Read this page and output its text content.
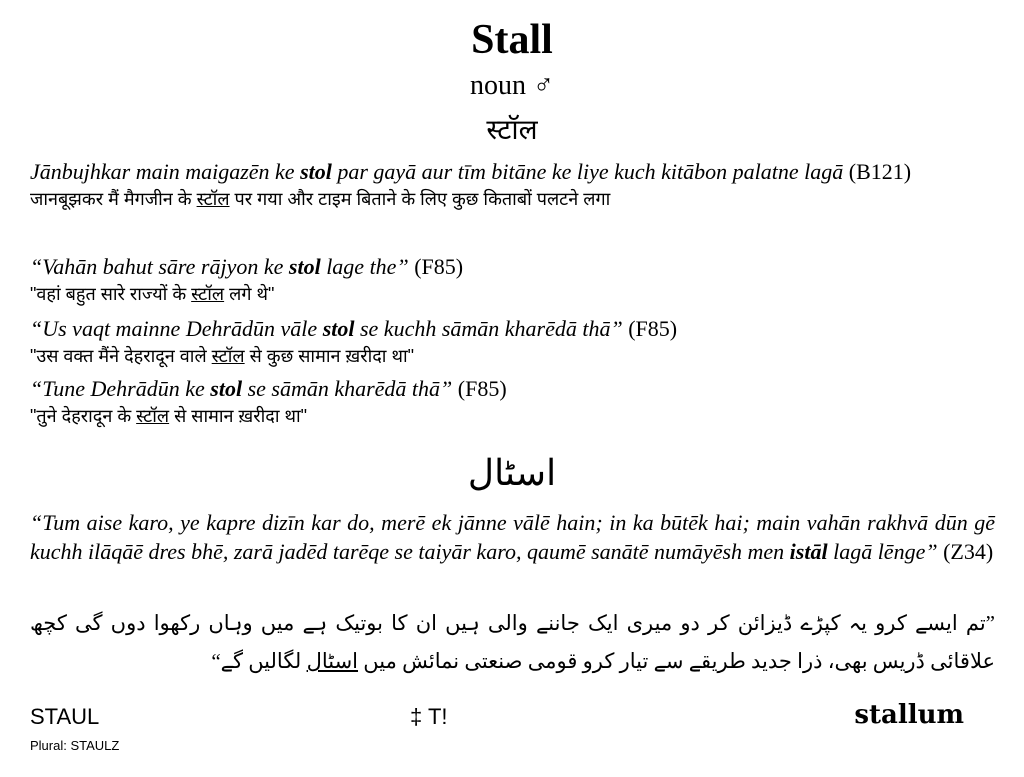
Stall
noun ♂
स्टॉल
Jānbujhkar main maigazēn ke stol par gayā aur tīm bitāne ke liye kuch kitābon palatne lagā (B121)
जानबूझकर मैं मैगजीन के स्टॉल पर गया और टाइम बिताने के लिए कुछ किताबों पलटने लगा
“Vahān bahut sāre rājyon ke stol lage the” (F85)
"वहां बहुत सारे राज्यों के स्टॉल लगे थे"
“Us vaqt mainne Dehrādūn vāle stol se kuchh sāmān kharēdā thā” (F85)
"उस वक्त मैंने देहरादून वाले स्टॉल से कुछ सामान ख़रीदा था"
“Tune Dehrādūn ke stol se sāmān kharēdā thā” (F85)
"तुने देहरादून के स्टॉल से सामान ख़रीदा था"
اسٹال
“Tum aise karo, ye kapre dizīn kar do, merē ek jānne vālē hain; in ka būtēk hai; main vahān rakhvā dūn gē kuchh ilāqāē dres bhē, zarā jadēd tarēqe se taiyār karo, qaumē sanātē numāyēsh men istāl lagā lēnge” (Z34)
”تم ایسے کرو یہ کپڑے ڈیزائن کر دو میری ایک جاننے والی ہیں ان کا بوتیک ہے میں وہاں رکھوا دوں گی کچھ علاقائی ڈریس بھی، ذرا جدید طریقے سے تیار کرو قومی صنعتی نمائش میں اسٹال لگالیں گے“
STAUL
Plural: STAULZ
‡ T!	stallum
